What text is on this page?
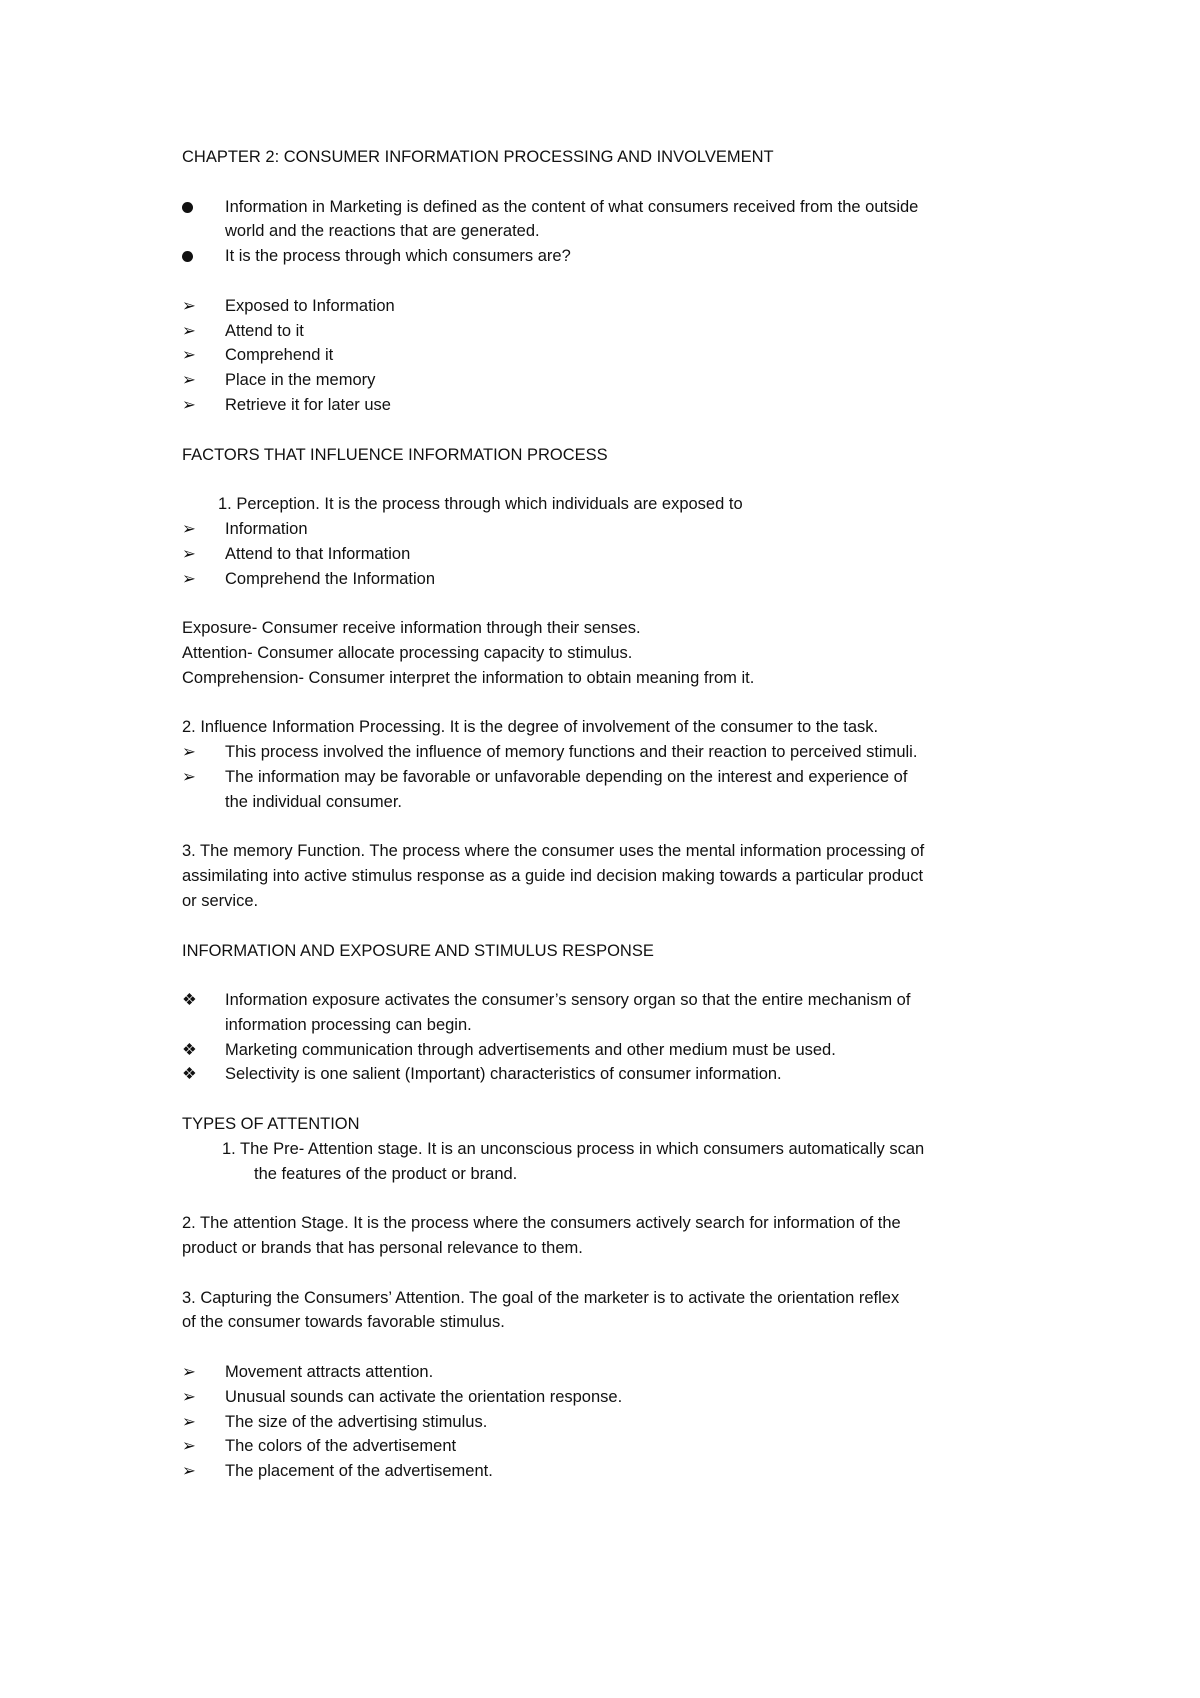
CHAPTER 2: CONSUMER INFORMATION PROCESSING AND INVOLVEMENT

Information in Marketing is defined as the content of what consumers received from the outside
world and the reactions that are generated.
It is the process through which consumers are?
➢	Exposed to Information
➢	Attend to it
➢	Comprehend it
➢	Place in the memory
➢	Retrieve it for later use

FACTORS THAT INFLUENCE INFORMATION PROCESS

1. Perception. It is the process through which individuals are exposed to

➢	Information
➢	Attend to that Information
➢	Comprehend the Information

Exposure- Consumer receive information through their senses.

Attention- Consumer allocate processing capacity to stimulus.

Comprehension- Consumer interpret the information to obtain meaning from it.

2. Influence Information Processing. It is the degree of involvement of the consumer to the task.

➢	This process involved the influence of memory functions and their reaction to perceived stimuli.
➢	The information may be favorable or unfavorable depending on the interest and experience of
the individual consumer.

3. The memory Function. The process where the consumer uses the mental information processing of

assimilating into active stimulus response as a guide ind decision making towards a particular product

or service.

INFORMATION AND EXPOSURE AND STIMULUS RESPONSE

❖	Information exposure activates the consumer’s sensory organ so that the entire mechanism of
information processing can begin.
❖	Marketing communication through advertisements and other medium must be used.
❖	Selectivity is one salient (Important) characteristics of consumer information.

TYPES OF ATTENTION

1. The Pre- Attention stage. It is an unconscious process in which consumers automatically scan

the features of the product or brand.

2. The attention Stage. It is the process where the consumers actively search for information of the

product or brands that has personal relevance to them.

3. Capturing the Consumers’ Attention. The goal of the marketer is to activate the orientation reflex

of the consumer towards favorable stimulus.

➢	Movement attracts attention.
➢	Unusual sounds can activate the orientation response.
➢	The size of the advertising stimulus.
➢	The colors of the advertisement
➢	The placement of the advertisement.
